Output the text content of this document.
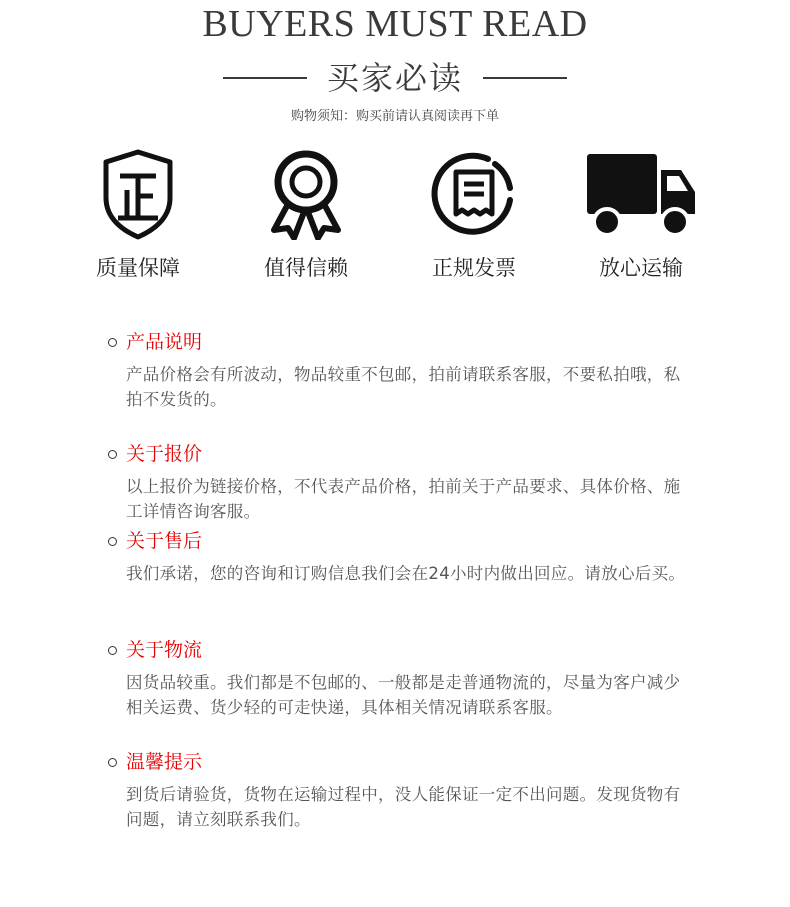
BUYERS MUST READ
买家必读
购物须知：购买前请认真阅读再下单
质量保障	值得信赖	正规发票	放心运输
产品说明
产品价格会有所波动，物品较重不包邮，拍前请联系客服，不要私拍哦，私拍不发货的。
关于报价
以上报价为链接价格，不代表产品价格，拍前关于产品要求、具体价格、施工详情咨询客服。
关于售后
我们承诺，您的咨询和订购信息我们会在24小时内做出回应。请放心后买。
关于物流
因货品较重。我们都是不包邮的、一般都是走普通物流的，尽量为客户减少相关运费、货少轻的可走快递，具体相关情况请联系客服。
温馨提示
到货后请验货，货物在运输过程中，没人能保证一定不出问题。发现货物有问题，请立刻联系我们。
